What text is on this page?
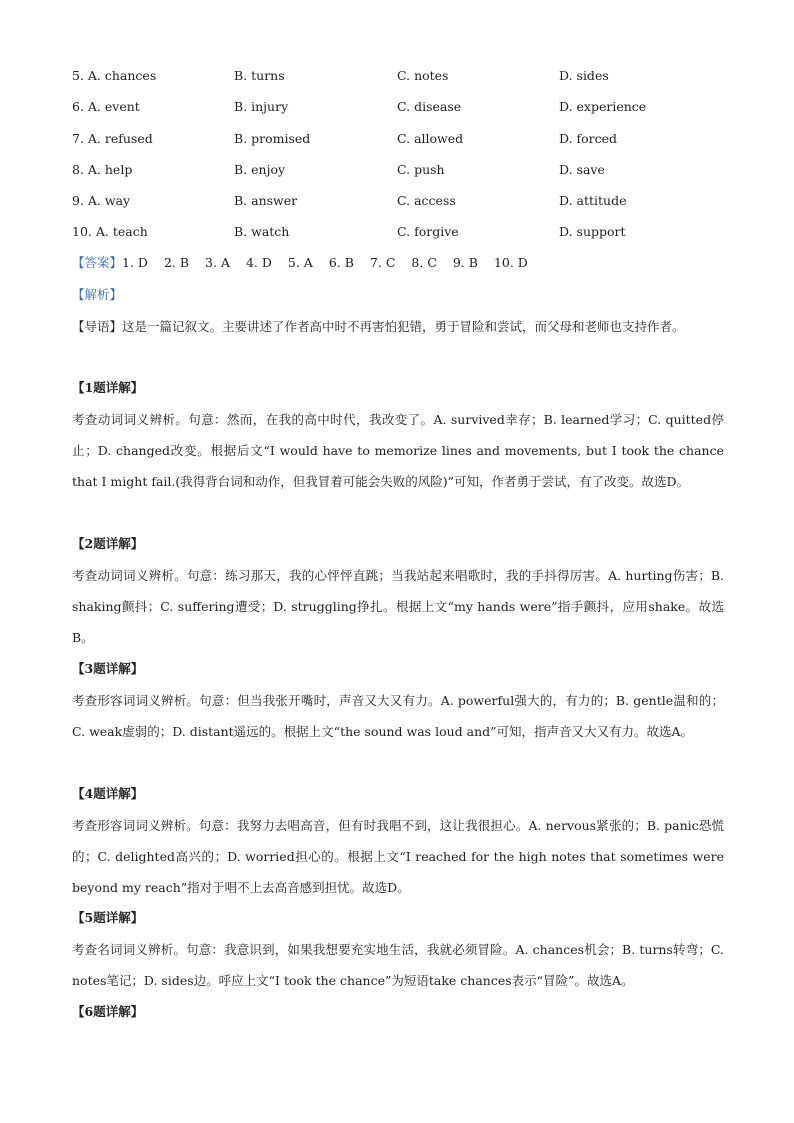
5. A. chances	B. turns	C. notes	D. sides
6. A. event	B. injury	C. disease	D. experience
7. A. refused	B. promised	C. allowed	D. forced
8. A. help	B. enjoy	C. push	D. save
9. A. way	B. answer	C. access	D. attitude
10. A. teach	B. watch	C. forgive	D. support
【答案】1. D 2. B 3. A 4. D 5. A 6. B 7. C 8. C 9. B 10. D
【解析】
【导语】这是一篇记叙文。主要讲述了作者高中时不再害怕犯错，勇于冒险和尝试，而父母和老师也支持作者。
【1题详解】
考查动词词义辨析。句意：然而，在我的高中时代，我改变了。A. survived幸存；B. learned学习；C. quitted停止；D. changed改变。根据后文“I would have to memorize lines and movements, but I took the chance that I might fail.(我得背台词和动作，但我冒着可能会失败的风险)”可知，作者勇于尝试，有了改变。故选D。
【2题详解】
考查动词词义辨析。句意：练习那天，我的心怦怦直跳；当我站起来唱歌时，我的手抖得厉害。A. hurting伤害；B. shaking颤抖；C. suffering遭受；D. struggling挣扎。根据上文“my hands were”指手颤抖，应用shake。故选B。
【3题详解】
考查形容词词义辨析。句意：但当我张开嘴时，声音又大又有力。A. powerful强大的，有力的；B. gentle温和的；C. weak虚弱的；D. distant遥远的。根据上文“the sound was loud and”可知，指声音又大又有力。故选A。
【4题详解】
考查形容词词义辨析。句意：我努力去唱高音，但有时我唱不到，这让我很担心。A. nervous紧张的；B. panic恐慌的；C. delighted高兴的；D. worried担心的。根据上文“I reached for the high notes that sometimes were beyond my reach”指对于唱不上去高音感到担忧。故选D。
【5题详解】
考查名词词义辨析。句意：我意识到，如果我想要充实地生活，我就必须冒险。A. chances机会；B. turns转弯；C. notes笔记；D. sides边。呼应上文“I took the chance”为短语take chances表示“冒险”。故选A。
【6题详解】
